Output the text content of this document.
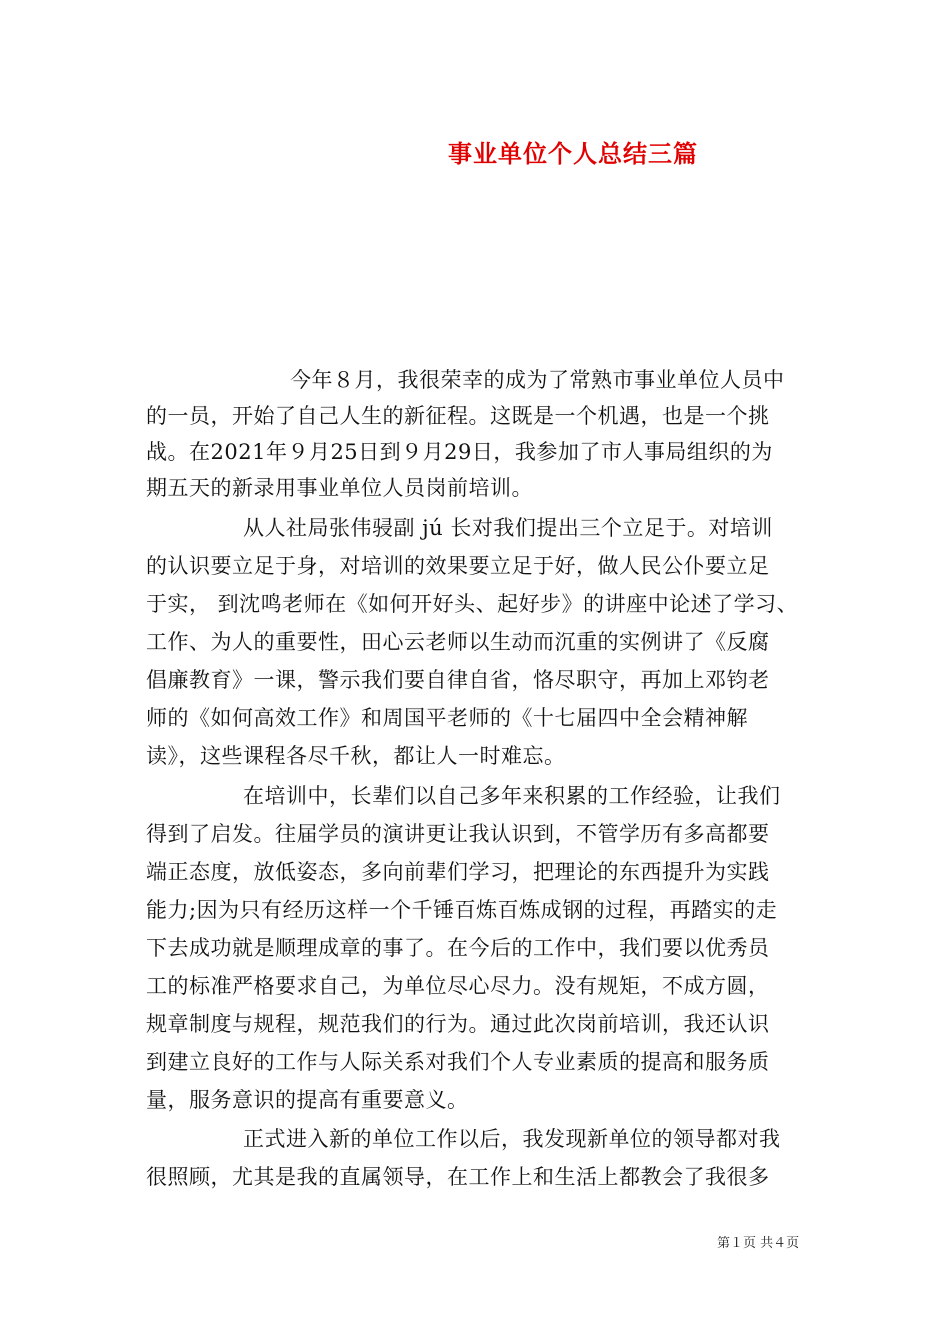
事业单位个人总结三篇
今年８月，我很荣幸的成为了常熟市事业单位人员中
的一员，开始了自己人生的新征程。这既是一个机遇，也是一个挑
战。在2021年９月25日到９月29日，我参加了市人事局组织的为
期五天的新录用事业单位人员岗前培训。
从人社局张伟骎副 jú 长对我们提出三个立足于。对培训
的认识要立足于身，对培训的效果要立足于好，做人民公仆要立足
于实， 到沈鸣老师在《如何开好头、起好步》的讲座中论述了学习、
工作、为人的重要性，田心云老师以生动而沉重的实例讲了《反腐
倡廉教育》一课，警示我们要自律自省，恪尽职守，再加上邓钧老
师的《如何高效工作》和周国平老师的《十七届四中全会精神解
读》，这些课程各尽千秋，都让人一时难忘。
在培训中，长辈们以自己多年来积累的工作经验，让我们
得到了启发。往届学员的演讲更让我认识到，不管学历有多高都要
端正态度，放低姿态，多向前辈们学习，把理论的东西提升为实践
能力;因为只有经历这样一个千锤百炼百炼成钢的过程，再踏实的走
下去成功就是顺理成章的事了。在今后的工作中，我们要以优秀员
工的标准严格要求自己，为单位尽心尽力。没有规矩，不成方圆，
规章制度与规程，规范我们的行为。通过此次岗前培训，我还认识
到建立良好的工作与人际关系对我们个人专业素质的提高和服务质
量，服务意识的提高有重要意义。
正式进入新的单位工作以后，我发现新单位的领导都对我
很照顾，尤其是我的直属领导，在工作上和生活上都教会了我很多
第１页 共４页
